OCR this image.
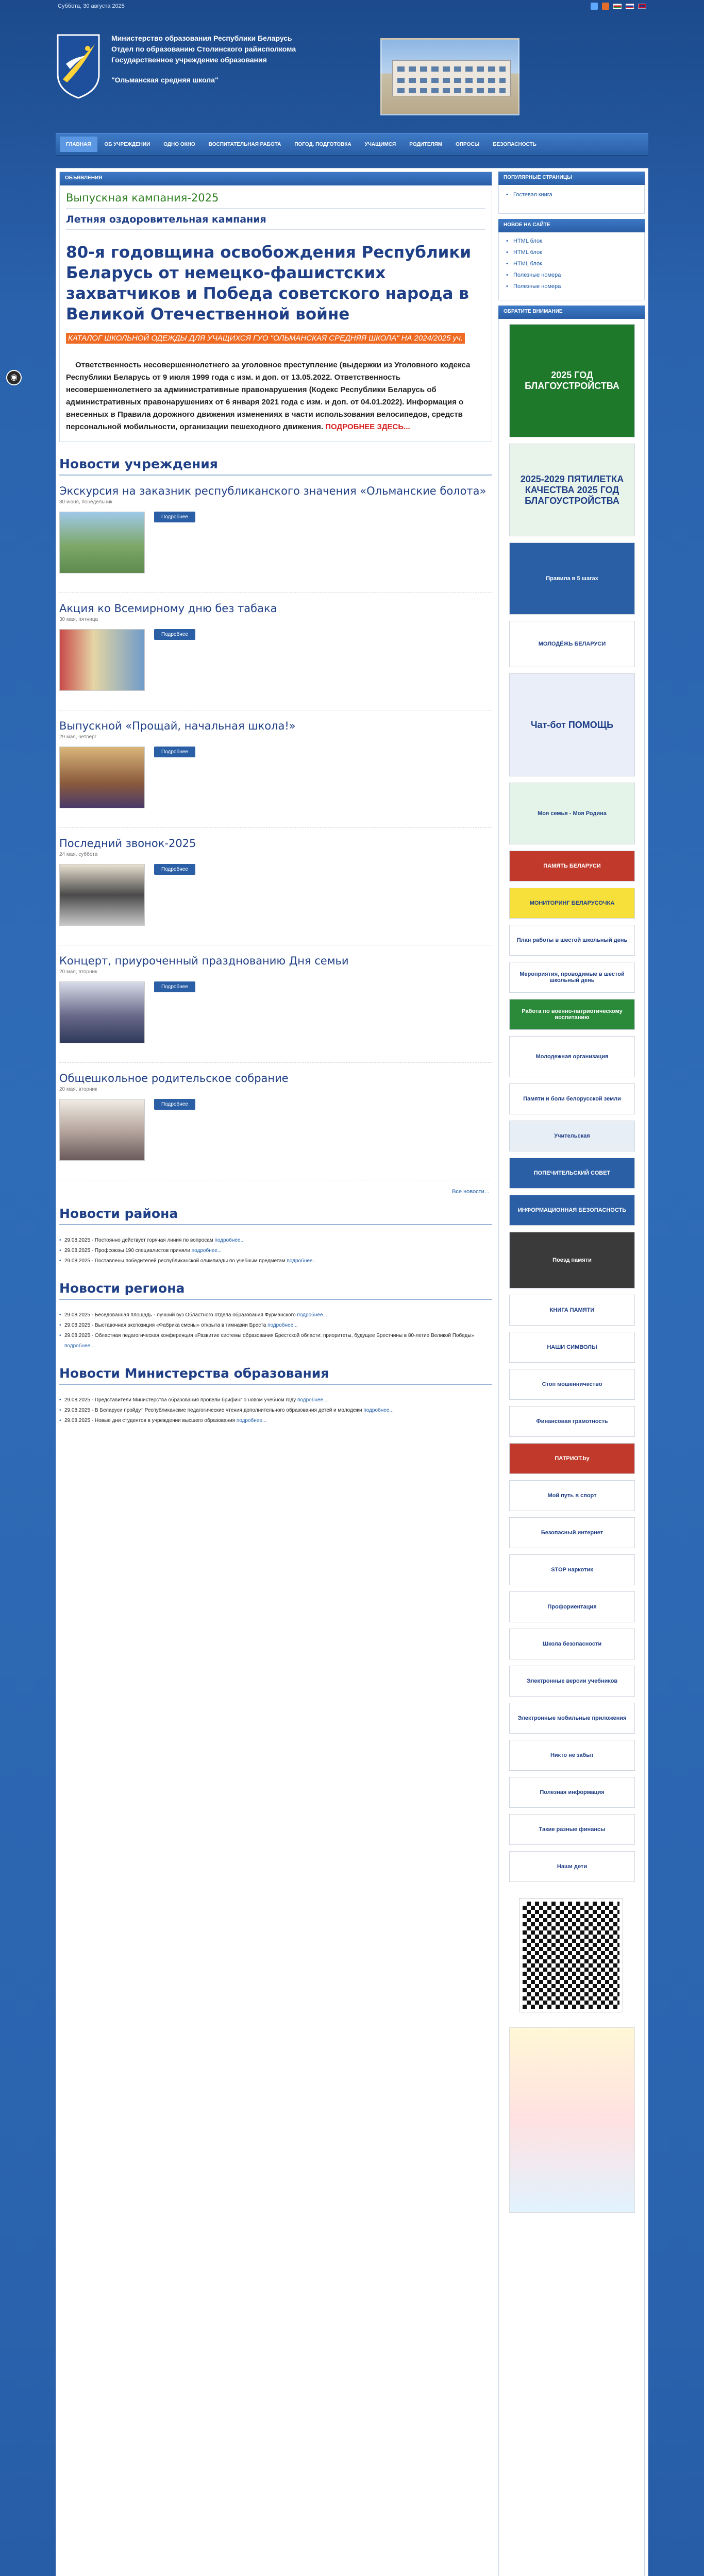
Суббота, 30 августа 2025
Министерство образования Республики Беларусь
Отдел по образованию Столинского райисполкома
Государственное учреждение образования
"Ольманская средняя школа"
ГЛАВНАЯ	ОБ УЧРЕЖДЕНИИ	ОДНО ОКНО	ВОСПИТАТЕЛЬНАЯ РАБОТА	ПОГОД. ПОДГОТОВКА	УЧАЩИМСЯ	РОДИТЕЛЯМ	ОПРОСЫ	БЕЗОПАСНОСТЬ
◉
ОБЪЯВЛЕНИЯ
Выпускная кампания-2025
Летняя оздоровительная кампания
80-я годовщина освобождения Республики Беларусь от немецко-фашистских захватчиков и Победа советского народа в Великой Отечественной войне
КАТАЛОГ ШКОЛЬНОЙ ОДЕЖДЫ ДЛЯ УЧАЩИХСЯ ГУО "ОЛЬМАНСКАЯ СРЕДНЯЯ ШКОЛА" НА 2024/2025 уч.
Ответственность несовершеннолетнего за уголовное преступление (выдержки из Уголовного кодекса Республики Беларусь от 9 июля 1999 года с изм. и доп. от 13.05.2022. Ответственность несовершеннолетнего за административные правонарушения (Кодекс Республики Беларусь об административных правонарушениях от 6 января 2021 года с изм. и доп. от 04.01.2022). Информация о внесенных в Правила дорожного движения изменениях в части использования велосипедов, средств персональной мобильности, организации пешеходного движения. ПОДРОБНЕЕ ЗДЕСЬ...
Новости учреждения
Экскурсия на заказник республиканского значения «Ольманские болота»
30 июня, понедельник
Подробнее
Акция ко Всемирному дню без табака
30 мая, пятница
Подробнее
Выпускной «Прощай, начальная школа!»
29 мая, четверг
Подробнее
Последний звонок-2025
24 мая, суббота
Подробнее
Концерт, приуроченный празднованию Дня семьи
20 мая, вторник
Подробнее
Общешкольное родительское собрание
20 мая, вторник
Подробнее
Все новости...
Новости района
• 29.08.2025 - Постоянно действует горячая линия по вопросам подробнее...
• 29.08.2025 - Профсоюзы 190 специалистов приняли подробнее...
• 29.08.2025 - Поставлены победителей республиканской олимпиады по учебным предметам подробнее...
Новости региона
• 29.08.2025 - Беседованная площадь - лучший вуз Областного отдела образования Фурманского подробнее...
• 29.08.2025 - Выставочная экспозиция «Фабрика смены» открыта в гимназии Бреста подробнее...
• 29.08.2025 - Областная педагогическая конференция «Развитие системы образования Брестской области: приоритеты, будущее Брестчины в 80-летие Великой Победы» подробнее...
Новости Министерства образования
• 29.08.2025 - Представители Министерства образования провели брифинг о новом учебном году подробнее...
• 29.08.2025 - В Беларуси пройдут Республиканские педагогические чтения дополнительного образования детей и молодежи подробнее...
• 29.08.2025 - Новые дни студентов в учреждении высшего образования подробнее...
ПОПУЛЯРНЫЕ СТРАНИЦЫ
• Гостевая книга
НОВОЕ НА САЙТЕ
• HTML блок
• HTML блок
• HTML блок
• Полезные номера
• Полезные номера
ОБРАТИТЕ ВНИМАНИЕ
2025 ГОД БЛАГОУСТРОЙСТВА
2025-2029 ПЯТИЛЕТКА КАЧЕСТВА 2025 ГОД БЛАГОУСТРОЙСТВА
Правила в 5 шагах
МОЛОДЁЖЬ БЕЛАРУСИ
Чат-бот ПОМОЩЬ
Моя семья - Моя Родина
ПАМЯТЬ БЕЛАРУСИ
МОНИТОРИНГ БЕЛАРУСОЧКА
План работы в шестой школьный день
Мероприятия, проводимые в шестой школьный день
Работа по военно-патриотическому воспитанию
Молодежная организация
Памяти и боли белорусской земли
Учительская
ПОПЕЧИТЕЛЬСКИЙ СОВЕТ
ИНФОРМАЦИОННАЯ БЕЗОПАСНОСТЬ
Поезд памяти
КНИГА ПАМЯТИ
НАШИ СИМВОЛЫ
Стоп мошенничество
Финансовая грамотность
ПАТРИОТ.by
Мой путь в спорт
Безопасный интернет
STOP наркотик
Профориентация
Школа безопасности
Электронные версии учебников
Электронные мобильные приложения
Никто не забыт
Полезная информация
Такие разные финансы
Наши дети
